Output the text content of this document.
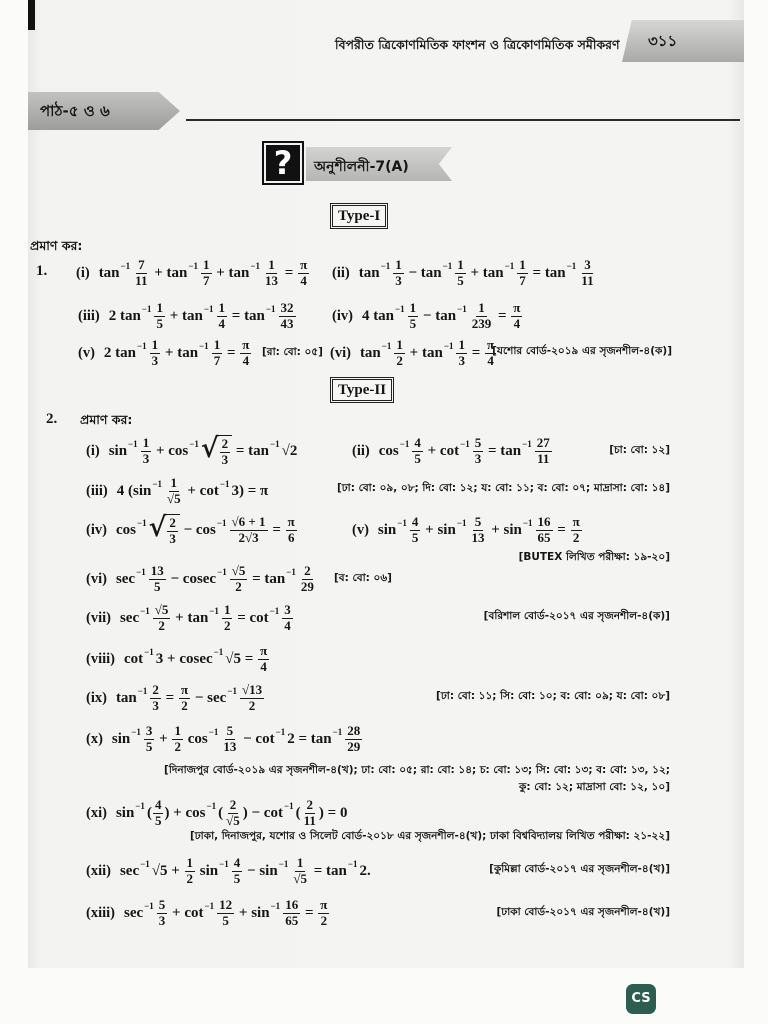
বিপরীত ত্রিকোণমিতিক ফাংশন ও ত্রিকোণমিতিক সমীকরণ ৩১১
পাঠ-৫ ও ৬
?	অনুশীলনী-7(A)
Type-I
প্রমাণ কর:
1. (i) $\tan -1 \frac{7}{11} + \tan -1 \frac{1}{7} + \tan -1 \frac{1}{13} = \frac{\pi}{4} (ii)$ $\tan -1 \frac{1}{3} - \tan -1 \frac{1}{5} + \tan -1 \frac{1}{7} = \tan -1 \frac{3}{11}$
(iii) 2 $\tan -1 \frac{1}{5} + \tan -1 \frac{1}{4} = \tan -1 \frac{32}{43}$	(iv) 4 $\tan -1 \frac{1}{5} - \tan -1 \frac{1}{239} = \frac{\pi}{4}$
(v) 2 $\tan -1 \frac{1}{3} + \tan -1 \frac{1}{7} = \frac{\pi}{4}$ [রা: বো: ০৫] (vi) $\tan -1 \frac{1}{2} + \tan -1 \frac{1}{3} = \frac{\pi}{4}$
[যশোর বোর্ড-২০১৯ এর সৃজনশীল-৪(ক)]
Type-II
2. প্রমাণ কর:
(i) $\sin -1 \frac{1}{3} + \cos -1$ √ $\frac{2}{3} = \tan -1$ √2	(ii) $\cos -1 \frac{4}{5} + \cot -1 \frac{5}{3} = \tan -1 \frac{27}{11}$	[চা: বো: ১২]
(iii) 4 ($\sin -1 \frac{1}{√5} + \cot -1$ 3) = π	[ঢা: বো: ০৯, ০৮; দি: বো: ১২; য: বো: ১১; ব: বো: ০৭; মাদ্রাসা: বো: ১৪]
(iv) cos −1 √ $\frac{2}{3} - \cos -1 \frac{√6 + 1}{2√3} = \frac{\pi}{6}$	(v) $\sin -1 \frac{4}{5} + \sin -1 \frac{5}{13} + \sin -1 \frac{16}{65} = \frac{\pi}{2}$
[BUTEX লিখিত পরীক্ষা: ১৯-২০]
(vi) $\sec -1 \frac{13}{5} - cosec -1 \frac{√5}{2} = \tan -1 \frac{2}{29}$ [ব: বো: ০৬]
(vii) $\sec -1 \frac{√5}{2} + \tan -1 \frac{1}{2} = \cot -1 \frac{3}{4}$	[বরিশাল বোর্ড-২০১৭ এর সৃজনশীল-৪(ক)]
(viii) cot −1 3 + cosec −1 $√5 = \frac{\pi}{4}$
(ix) $\tan -1 \frac{2}{3} = \frac{\pi}{2} - \sec -1 \frac{√13}{2}$	[ঢা: বো: ১১; সি: বো: ১০; ব: বো: ০৯; য: বো: ০৮]
(x) $\sin -1 \frac{3}{5} + \frac{1}{2}$ $\cos -1 \frac{5}{13} - \cot -1$ $2 = \tan -1 \frac{28}{29}$
[দিনাজপুর বোর্ড-২০১৯ এর সৃজনশীল-৪(খ); ঢা: বো: ০৫; রা: বো: ১৪; চ: বো: ১৩; সি: বো: ১৩; ব: বো: ১৩, ১২;
কু: বো: ১২; মাদ্রাসা বো: ১২, ১০]
(xi) sin −1 ( $\frac{4}{5}$ ) + cos −1 ( $\frac{2}{√5}$ ) − cot −1 ( $\frac{2}{11}$ ) = 0
[ঢাকা, দিনাজপুর, যশোর ও সিলেট বোর্ড-২০১৮ এর সৃজনশীল-৪(খ); ঢাকা বিশ্ববিদ্যালয় লিখিত পরীক্ষা: ২১-২২]
(xii) sec −1 $√5 + \frac{1}{2}$ $\sin -1 \frac{4}{5} - \sin -1 \frac{1}{√5} = \tan -1$ 2.	[কুমিল্লা বোর্ড-২০১৭ এর সৃজনশীল-৪(খ)]
(xiii) $\sec -1 \frac{5}{3} + \cot -1 \frac{12}{5} + \sin -1 \frac{16}{65} = \frac{\pi}{2}$	[ঢাকা বোর্ড-২০১৭ এর সৃজনশীল-৪(খ)]
CS
